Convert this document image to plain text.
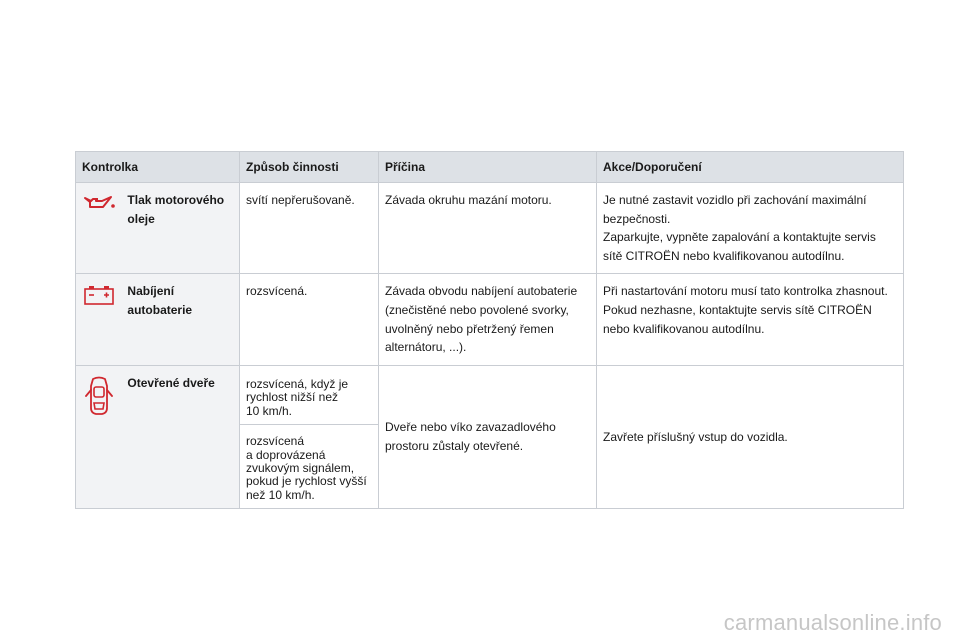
Kontrolka		Způsob činnosti	Příčina	Akce/Doporučení
	Tlak motorového oleje	svítí nepřerušovaně.	Závada okruhu mazání motoru.	Je nutné zastavit vozidlo při zachování maximální
bezpečnosti.
Zaparkujte, vypněte zapalování a kontaktujte servis
sítě CITROËN nebo kvalifikovanou autodílnu.

	Nabíjení autobaterie	rozsvícená.	Závada obvodu nabíjení autobaterie
(znečistěné nebo povolené svorky,
uvolněný nebo přetržený řemen
alternátoru, ...).	Při nastartování motoru musí tato kontrolka zhasnout.
Pokud nezhasne, kontaktujte servis sítě CITROËN
nebo kvalifikovanou autodílnu.

	Otevřené dveře	rozsvícená, když je
rychlost nižší než
10 km/h.	Dveře nebo víko zavazadlového
prostoru zůstaly otevřené.	Zavřete příslušný vstup do vozidla.

		rozsvícená
a doprovázená
zvukovým signálem,
pokud je rychlost vyšší
než 10 km/h.		
carmanualsonline.info
